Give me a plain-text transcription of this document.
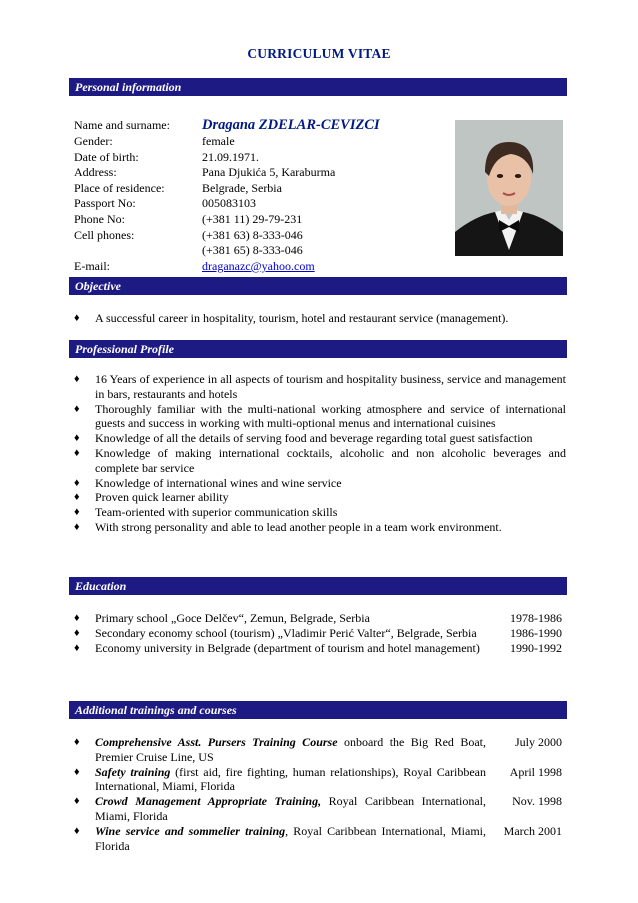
CURRICULUM VITAE
Personal information
Name and surname: Dragana ZDELAR-CEVIZCI
Gender:	female
Date of birth:	21.09.1971.
Address:	Pana Djukića 5, Karaburma
Place of residence:	Belgrade, Serbia
Passport No:	005083103
Phone No:	(+381 11) 29-79-231
Cell phones:	(+381 63) 8-333-046
(+381 65) 8-333-046
E-mail:	draganazc@yahoo.com
Objective
♦ A successful career in hospitality, tourism, hotel and restaurant service (management).
Professional Profile
♦ 16 Years of experience in all aspects of tourism and hospitality business, service and management in bars, restaurants and hotels
♦ Thoroughly familiar with the multi-national working atmosphere and service of international guests and success in working with multi-optional menus and international cuisines
♦ Knowledge of all the details of serving food and beverage regarding total guest satisfaction
♦ Knowledge of making international cocktails, alcoholic and non alcoholic beverages and complete bar service
♦ Knowledge of international wines and wine service
♦ Proven quick learner ability
♦ Team-oriented with superior communication skills
♦ With strong personality and able to lead another people in a team work environment.
Education
♦ Primary school „Goce Delčev“, Zemun, Belgrade, Serbia	1978-1986
♦ Secondary economy school (tourism) „Vladimir Perić Valter“, Belgrade, Serbia	1986-1990
♦ Economy university in Belgrade (department of tourism and hotel management)	1990-1992
Additional trainings and courses
♦ Comprehensive Asst. Pursers Training Course onboard the Big Red Boat, Premier Cruise Line, US
July 2000
♦ Safety training (first aid, fire fighting, human relationships), Royal Caribbean International, Miami, Florida
April 1998
♦ Crowd Management Appropriate Training, Royal Caribbean International, Miami, Florida
Nov. 1998
♦ Wine service and sommelier training, Royal Caribbean International, Miami, Florida
March 2001
